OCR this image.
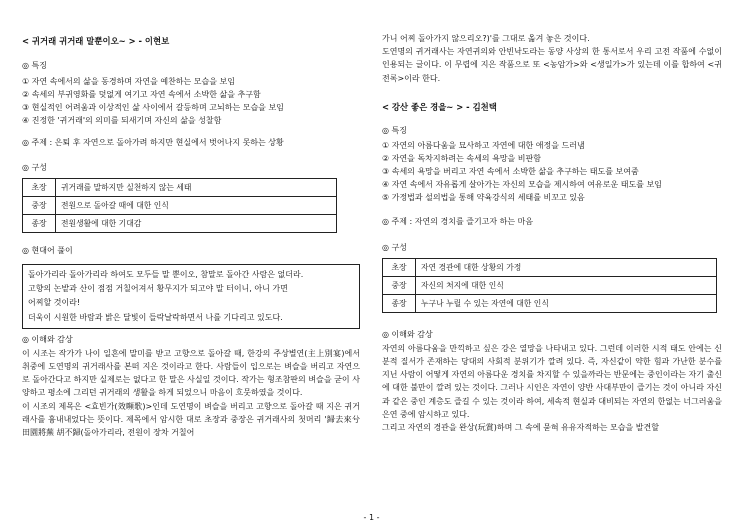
< 귀거래 귀거래 말뿐이오~ > - 이현보

◎ 특징

① 자연 속에서의 삶을 동경하며 자연을 예찬하는 모습을 보임

② 속세의 부귀영화를 덧없게 여기고 자연 속에서 소박한 삶을 추구함

③ 현실적인 어려움과 이상적인 삶 사이에서 갈등하며 고뇌하는 모습을 보임

④ 진정한 '귀거래'의 의미를 되새기며 자신의 삶을 성찰함

◎ 주제 : 은퇴 후 자연으로 돌아가려 하지만 현실에서 벗어나지 못하는 상황

◎ 구성

초장	귀거래를 말하지만 실천하지 않는 세태
중장	전원으로 돌아갈 때에 대한 인식
종장	전원생활에 대한 기대감

◎ 현대어 풀이

돌아가리라 돌아가리라 하여도 모두들 말 뿐이오, 참말로 돌아간 사람은 없더라.

고향의 논밭과 산이 점점 거칠어져서 황무지가 되고야 말 터이니, 아니 가면

어찌할 것이라!

더욱이 시원한 바람과 밝은 달빛이 들락날락하면서 나를 기다리고 있도다.

◎ 이해와 감상

이 시조는 작가가 나이 일흔에 말미를 받고 고향으로 돌아갈 때, 한강의 주상별연(主上別宴)에서 취중에 도연명의 귀거래사를 본떠 지은 것이라고 한다. 사람들이 입으로는 벼슬을 버리고 자연으로 돌아간다고 하지만 실제로는 없다고 한 말은 사실일 것이다. 작가는 형조참판의 벼슬을 굳이 사양하고 평소에 그리던 귀거래의 생활을 하게 되었으니 마음이 흐뭇하였을 것이다.
이 시조의 제목은 <효빈가(效嚬歌)>인데 도연명이 벼슬을 버리고 고향으로 돌아갈 때 지은 귀거래사를 흉내내었다는 뜻이다. 제목에서 암시한 대로 초장과 중장은 귀거래사의 첫머리 '歸去來兮 田園將蕪 胡不歸(돌아가리라, 전원이 장차 거칠어

가니 어찌 돌아가지 않으리오?)'를 그대로 옮겨 놓은 것이다.
도연명의 귀거래사는 자연귀의와 안빈낙도라는 동양 사상의 한 통서로서 우리 고전 작품에 수없이 인용되는 글이다. 이 무렵에 지은 작품으로 또 <농암가>와 <생일가>가 있는데 이를 합하여 <귀전록>이라 한다.

< 강산 좋은 경을~ > - 김천택

◎ 특징

① 자연의 아름다움을 묘사하고 자연에 대한 애정을 드러냄

② 자연을 독차지하려는 속세의 욕망을 비판함

③ 속세의 욕망을 버리고 자연 속에서 소박한 삶을 추구하는 태도를 보여줌

④ 자연 속에서 자유롭게 살아가는 자신의 모습을 제시하여 여유로운 태도를 보임

⑤ 가정법과 설의법을 통해 약육강식의 세태를 비꼬고 있음

◎ 주제 : 자연의 경치를 즐기고자 하는 마음

◎ 구성

초장	자연 경관에 대한 상황의 가정
중장	자신의 처지에 대한 인식
종장	누구나 누릴 수 있는 자연에 대한 인식

◎ 이해와 감상

자연의 아름다움을 만끽하고 싶은 강은 열망을 나타내고 있다. 그런데 이러한 시적 태도 안에는 신분적 질서가 존재하는 당대의 사회적 분위기가 깔려 있다. 즉, 자신같이 약한 힘과 가난한 분수를 지닌 사람이 어떻게 자연의 아름다운 경치를 차지할 수 있을까라는 반문에는 중인이라는 자기 출신에 대한 불만이 깔려 있는 것이다. 그러나 시인은 자연이 양반 사대부만이 즐기는 것이 아니라 자신과 같은 중인 계층도 즐길 수 있는 것이라 하여, 세속적 현실과 대비되는 자연의 한없는 너그러움을 은연 중에 암시하고 있다.
그리고 자연의 경관을 완상(玩賞)하며 그 속에 묻혀 유유자적하는 모습을 발견할

- 1 -
